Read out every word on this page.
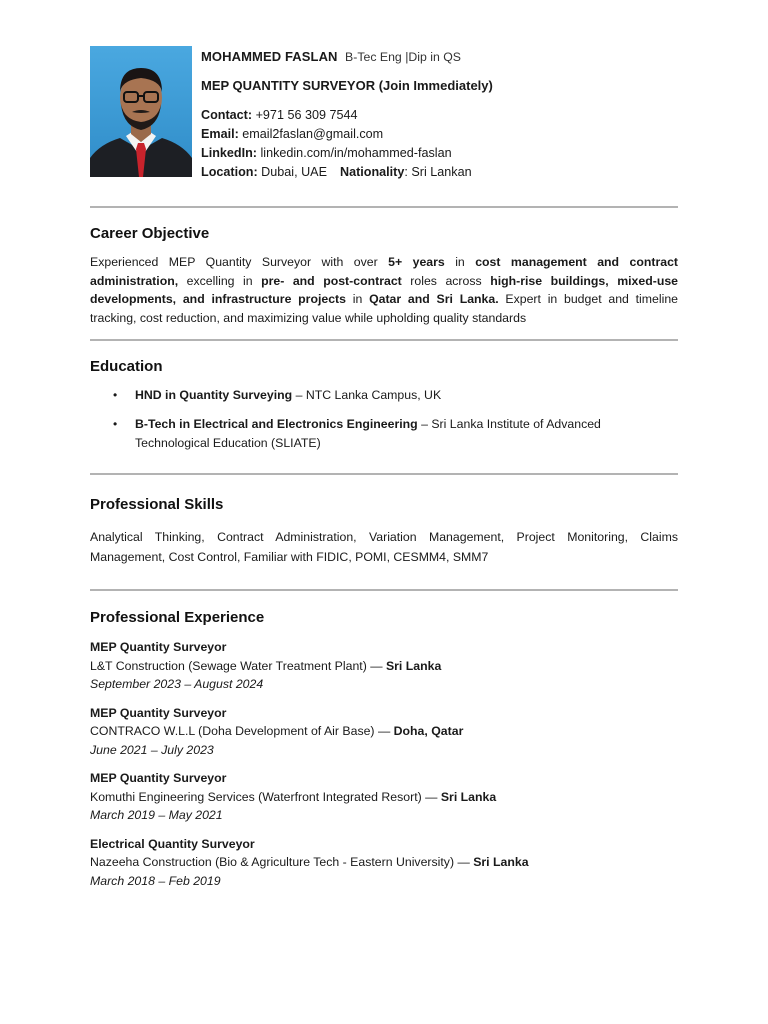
MOHAMMED FASLAN B-Tec Eng |Dip in QS
MEP QUANTITY SURVEYOR (Join Immediately)
Contact: +971 56 309 7544
Email: email2faslan@gmail.com
LinkedIn: linkedin.com/in/mohammed-faslan
Location: Dubai, UAE Nationality: Sri Lankan
Career Objective
Experienced MEP Quantity Surveyor with over 5+ years in cost management and contract administration, excelling in pre- and post-contract roles across high-rise buildings, mixed-use developments, and infrastructure projects in Qatar and Sri Lanka. Expert in budget and timeline tracking, cost reduction, and maximizing value while upholding quality standards
Education
• HND in Quantity Surveying – NTC Lanka Campus, UK
• B-Tech in Electrical and Electronics Engineering – Sri Lanka Institute of Advanced Technological Education (SLIATE)
Professional Skills
Analytical Thinking, Contract Administration, Variation Management, Project Monitoring, Claims Management, Cost Control, Familiar with FIDIC, POMI, CESMM4, SMM7
Professional Experience
MEP Quantity Surveyor
L&T Construction (Sewage Water Treatment Plant) — Sri Lanka
September 2023 – August 2024
MEP Quantity Surveyor
CONTRACO W.L.L (Doha Development of Air Base) — Doha, Qatar
June 2021 – July 2023
MEP Quantity Surveyor
Komuthi Engineering Services (Waterfront Integrated Resort) — Sri Lanka
March 2019 – May 2021
Electrical Quantity Surveyor
Nazeeha Construction (Bio & Agriculture Tech - Eastern University) — Sri Lanka
March 2018 – Feb 2019
